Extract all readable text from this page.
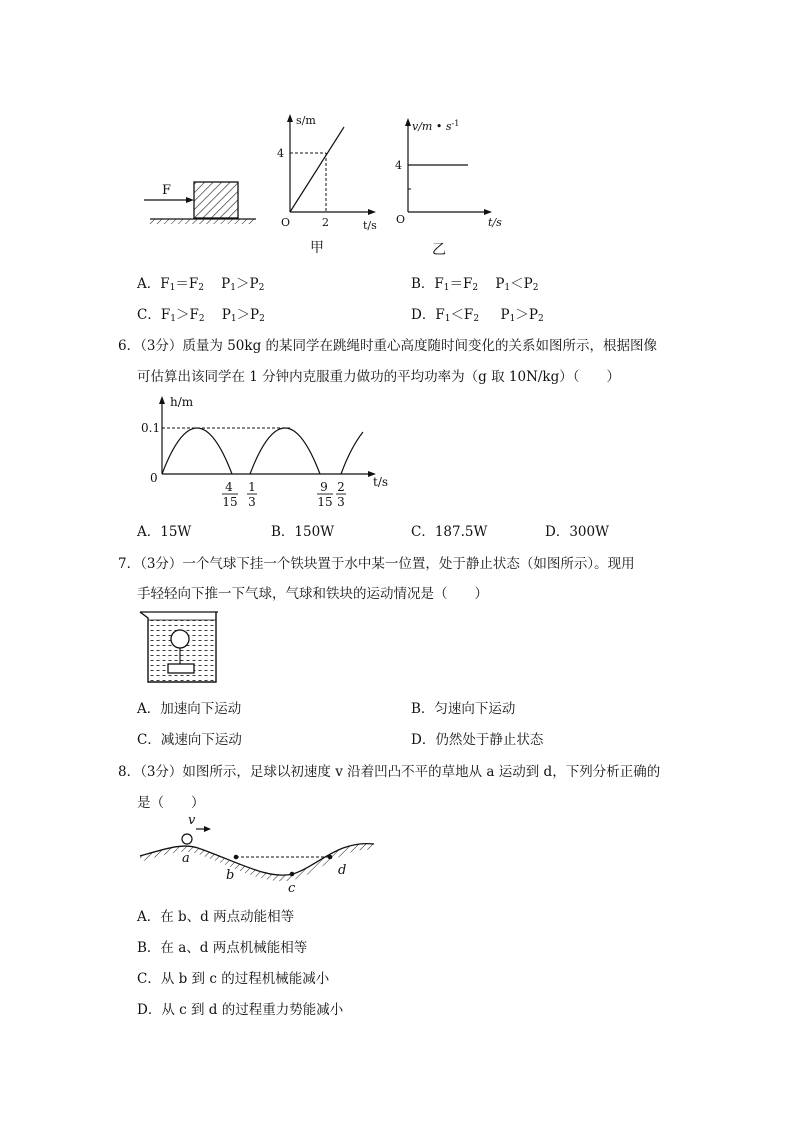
F
s/m
4
O	2	t/s
甲
v/m • $s^{-1}$
4
O	t/s
乙
A．$F_1=F_2$ $P_1>P_2$	B．$F_1=F_2$ $P_1<P_2$
C．$F_1>F_2$ $P_1>P_2$	D．$F_1<F_2$ $P_1>P_2$
6．（3分）质量为 50kg 的某同学在跳绳时重心高度随时间变化的关系如图所示，根据图像
可估算出该同学在 1 分钟内克服重力做功的平均功率为（g 取 10N/kg）（　　）
h/m
0.1
0	t/s
4
15
1
3
9
15
2
3
A．15W	B．150W	C．187.5W	D．300W
7．（3分）一个气球下挂一个铁块置于水中某一位置，处于静止状态（如图所示）。现用
手轻轻向下推一下气球，气球和铁块的运动情况是（　　）
A．加速向下运动	B．匀速向下运动
C．减速向下运动	D．仍然处于静止状态
8．（3分）如图所示，足球以初速度 v 沿着凹凸不平的草地从 a 运动到 d，下列分析正确的
是（　　）
v
a
b
c
d
A．在 b、d 两点动能相等
B．在 a、d 两点机械能相等
C．从 b 到 c 的过程机械能减小
D．从 c 到 d 的过程重力势能减小
